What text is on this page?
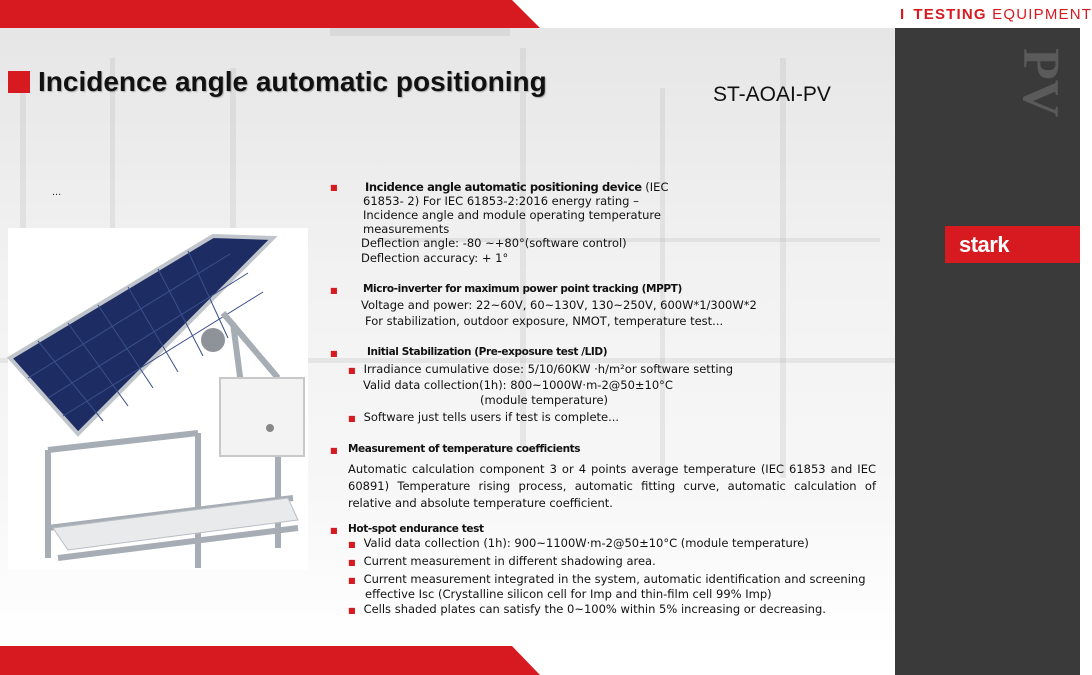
I TESTING EQUIPMENT
PV
stark
Incidence angle automatic positioning	ST-AOAI-PV
...	■ Incidence angle automatic positioning device (IEC
61853- 2) For IEC 61853-2:2016 energy rating –
Incidence angle and module operating temperature
measurements
Deflection angle: -80 ~+80°(software control)
Deflection accuracy: + 1°
■ Micro-inverter for maximum power point tracking (MPPT)
Voltage and power: 22~60V, 60~130V, 130~250V, 600W*1/300W*2
For stabilization, outdoor exposure, NMOT, temperature test...
■	Initial Stabilization (Pre-exposure test /LID)
■ Irradiance cumulative dose: 5/10/60KW ·h/m²or software setting
Valid data collection(1h): 800~1000W·m-2@50±10°C
(module temperature)
■ Software just tells users if test is complete...
■ Measurement of temperature coefficients
Automatic calculation component 3 or 4 points average temperature (IEC 61853 and IEC 60891) Temperature rising process, automatic fitting curve, automatic calculation of relative and absolute temperature coefficient.
■ Hot-spot endurance test
■ Valid data collection (1h): 900~1100W·m-2@50±10°C (module temperature)
■ Current measurement in different shadowing area.
■ Current measurement integrated in the system, automatic identification and screening
effective Isc (Crystalline silicon cell for Imp and thin-film cell 99% Imp)
■ Cells shaded plates can satisfy the 0~100% within 5% increasing or decreasing.
